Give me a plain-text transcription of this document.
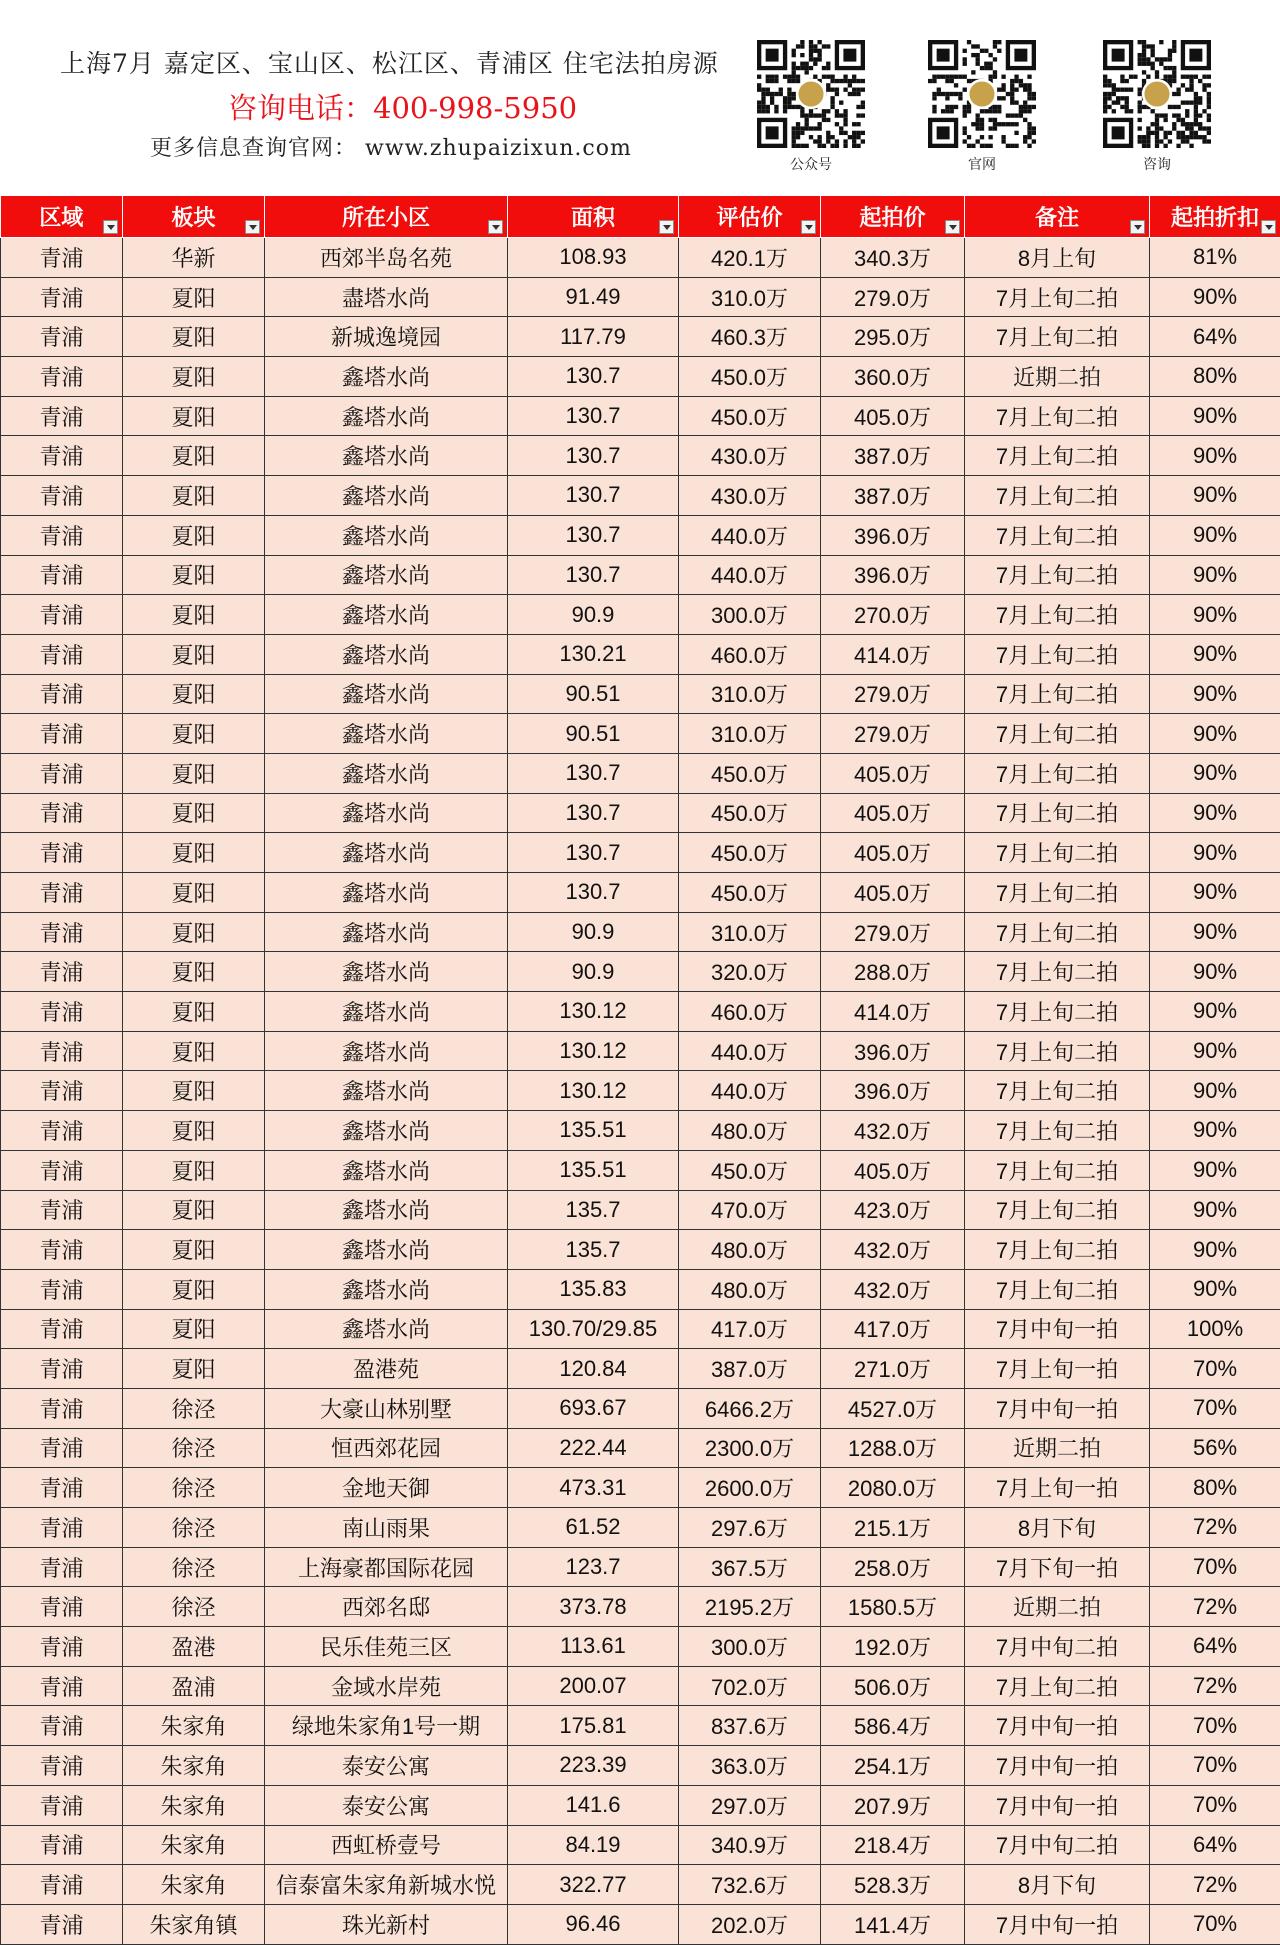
上海7月 嘉定区、宝山区、松江区、青浦区 住宅法拍房源
咨询电话：400-998-5950
更多信息查询官网： www.zhupaizixun.com
公众号	官网	咨询
区域	板块	所在小区	面积	评估价	起拍价	备注	起拍折扣

青浦	华新	西郊半岛名苑	108.93	420.1万	340.3万	8月上旬	81%
青浦	夏阳	盡塔水尚	91.49	310.0万	279.0万	7月上旬二拍	90%
青浦	夏阳	新城逸境园	117.79	460.3万	295.0万	7月上旬二拍	64%
青浦	夏阳	鑫塔水尚	130.7	450.0万	360.0万	近期二拍	80%
青浦	夏阳	鑫塔水尚	130.7	450.0万	405.0万	7月上旬二拍	90%
青浦	夏阳	鑫塔水尚	130.7	430.0万	387.0万	7月上旬二拍	90%
青浦	夏阳	鑫塔水尚	130.7	430.0万	387.0万	7月上旬二拍	90%
青浦	夏阳	鑫塔水尚	130.7	440.0万	396.0万	7月上旬二拍	90%
青浦	夏阳	鑫塔水尚	130.7	440.0万	396.0万	7月上旬二拍	90%
青浦	夏阳	鑫塔水尚	90.9	300.0万	270.0万	7月上旬二拍	90%
青浦	夏阳	鑫塔水尚	130.21	460.0万	414.0万	7月上旬二拍	90%
青浦	夏阳	鑫塔水尚	90.51	310.0万	279.0万	7月上旬二拍	90%
青浦	夏阳	鑫塔水尚	90.51	310.0万	279.0万	7月上旬二拍	90%
青浦	夏阳	鑫塔水尚	130.7	450.0万	405.0万	7月上旬二拍	90%
青浦	夏阳	鑫塔水尚	130.7	450.0万	405.0万	7月上旬二拍	90%
青浦	夏阳	鑫塔水尚	130.7	450.0万	405.0万	7月上旬二拍	90%
青浦	夏阳	鑫塔水尚	130.7	450.0万	405.0万	7月上旬二拍	90%
青浦	夏阳	鑫塔水尚	90.9	310.0万	279.0万	7月上旬二拍	90%
青浦	夏阳	鑫塔水尚	90.9	320.0万	288.0万	7月上旬二拍	90%
青浦	夏阳	鑫塔水尚	130.12	460.0万	414.0万	7月上旬二拍	90%
青浦	夏阳	鑫塔水尚	130.12	440.0万	396.0万	7月上旬二拍	90%
青浦	夏阳	鑫塔水尚	130.12	440.0万	396.0万	7月上旬二拍	90%
青浦	夏阳	鑫塔水尚	135.51	480.0万	432.0万	7月上旬二拍	90%
青浦	夏阳	鑫塔水尚	135.51	450.0万	405.0万	7月上旬二拍	90%
青浦	夏阳	鑫塔水尚	135.7	470.0万	423.0万	7月上旬二拍	90%
青浦	夏阳	鑫塔水尚	135.7	480.0万	432.0万	7月上旬二拍	90%
青浦	夏阳	鑫塔水尚	135.83	480.0万	432.0万	7月上旬二拍	90%
青浦	夏阳	鑫塔水尚	130.70/29.85	417.0万	417.0万	7月中旬一拍	100%
青浦	夏阳	盈港苑	120.84	387.0万	271.0万	7月上旬一拍	70%
青浦	徐泾	大豪山林别墅	693.67	6466.2万	4527.0万	7月中旬一拍	70%
青浦	徐泾	恒西郊花园	222.44	2300.0万	1288.0万	近期二拍	56%
青浦	徐泾	金地天御	473.31	2600.0万	2080.0万	7月上旬一拍	80%
青浦	徐泾	南山雨果	61.52	297.6万	215.1万	8月下旬	72%
青浦	徐泾	上海豪都国际花园	123.7	367.5万	258.0万	7月下旬一拍	70%
青浦	徐泾	西郊名邸	373.78	2195.2万	1580.5万	近期二拍	72%
青浦	盈港	民乐佳苑三区	113.61	300.0万	192.0万	7月中旬二拍	64%
青浦	盈浦	金域水岸苑	200.07	702.0万	506.0万	7月上旬二拍	72%
青浦	朱家角	绿地朱家角1号一期	175.81	837.6万	586.4万	7月中旬一拍	70%
青浦	朱家角	泰安公寓	223.39	363.0万	254.1万	7月中旬一拍	70%
青浦	朱家角	泰安公寓	141.6	297.0万	207.9万	7月中旬一拍	70%
青浦	朱家角	西虹桥壹号	84.19	340.9万	218.4万	7月中旬二拍	64%
青浦	朱家角	信泰富朱家角新城水悦	322.77	732.6万	528.3万	8月下旬	72%
青浦	朱家角镇	珠光新村	96.46	202.0万	141.4万	7月中旬一拍	70%
